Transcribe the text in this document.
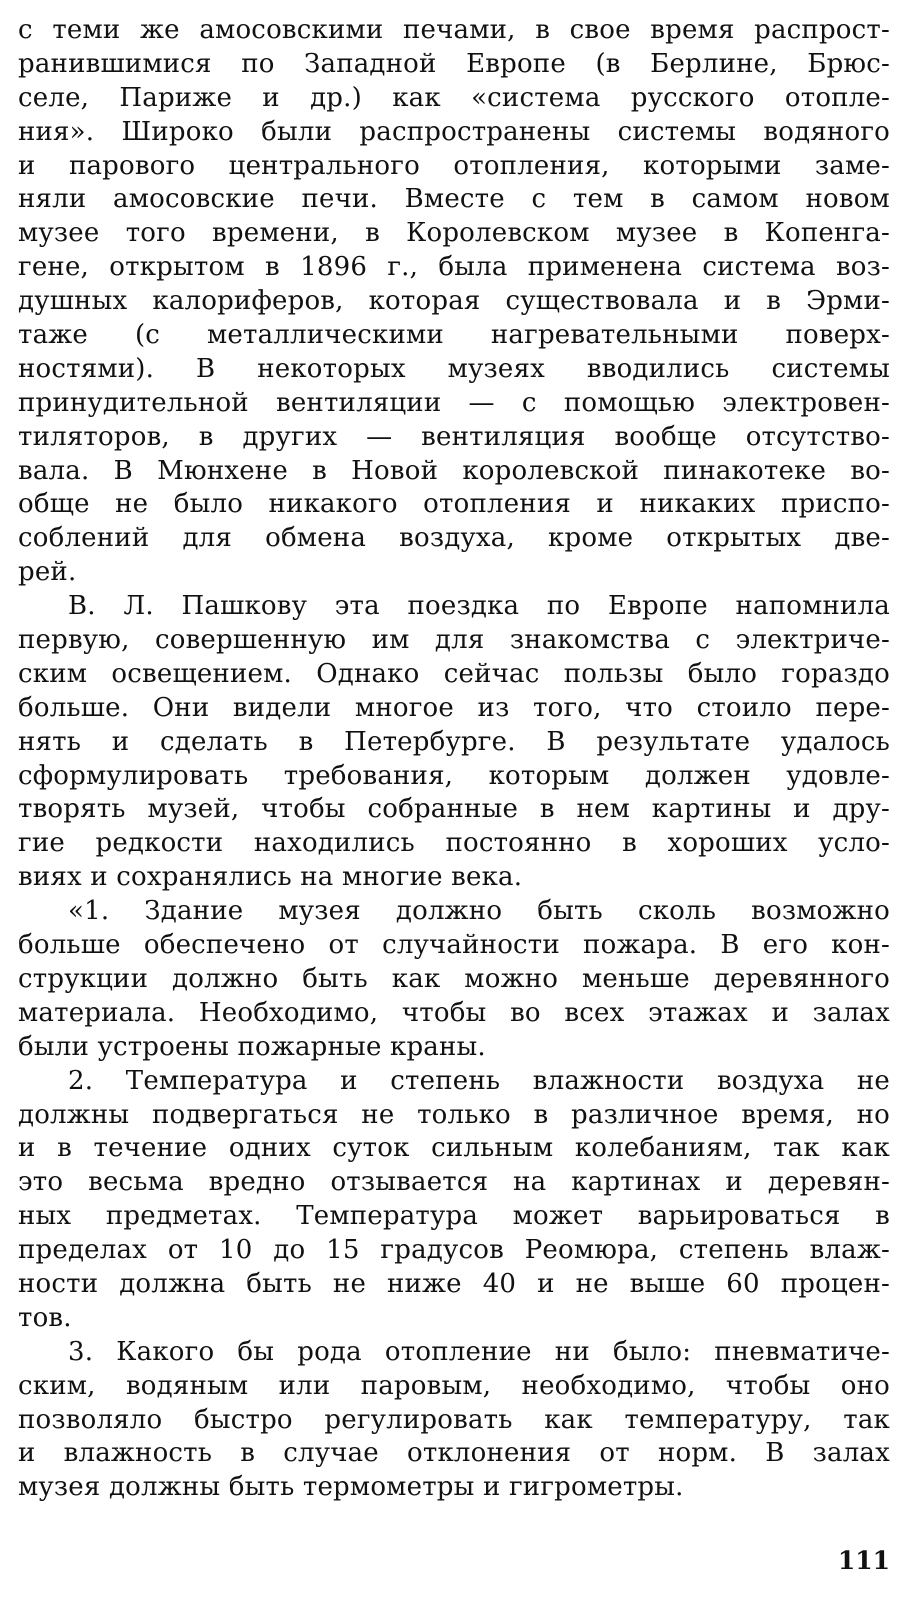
с теми же амосовскими печами, в свое время распрост-
ранившимися по Западной Европе (в Берлине, Брюс-
селе, Париже и др.) как «система русского отопле-
ния». Широко были распространены системы водяного
и парового центрального отопления, которыми заме-
няли амосовские печи. Вместе с тем в самом новом
музее того времени, в Королевском музее в Копенга-
гене, открытом в 1896 г., была применена система воз-
душных калориферов, которая существовала и в Эрми-
таже (с металлическими нагревательными поверх-
ностями). В некоторых музеях вводились системы
принудительной вентиляции — с помощью электровен-
тиляторов, в других — вентиляция вообще отсутство-
вала. В Мюнхене в Новой королевской пинакотеке во-
обще не было никакого отопления и никаких приспо-
соблений для обмена воздуха, кроме открытых две-
рей.
В. Л. Пашкову эта поездка по Европе напомнила
первую, совершенную им для знакомства с электриче-
ским освещением. Однако сейчас пользы было гораздо
больше. Они видели многое из того, что стоило пере-
нять и сделать в Петербурге. В результате удалось
сформулировать требования, которым должен удовле-
творять музей, чтобы собранные в нем картины и дру-
гие редкости находились постоянно в хороших усло-
виях и сохранялись на многие века.
«1. Здание музея должно быть сколь возможно
больше обеспечено от случайности пожара. В его кон-
струкции должно быть как можно меньше деревянного
материала. Необходимо, чтобы во всех этажах и залах
были устроены пожарные краны.
2. Температура и степень влажности воздуха не
должны подвергаться не только в различное время, но
и в течение одних суток сильным колебаниям, так как
это весьма вредно отзывается на картинах и деревян-
ных предметах. Температура может варьироваться в
пределах от 10 до 15 градусов Реомюра, степень влаж-
ности должна быть не ниже 40 и не выше 60 процен-
тов.
3. Какого бы рода отопление ни было: пневматиче-
ским, водяным или паровым, необходимо, чтобы оно
позволяло быстро регулировать как температуру, так
и влажность в случае отклонения от норм. В залах
музея должны быть термометры и гигрометры.
111
